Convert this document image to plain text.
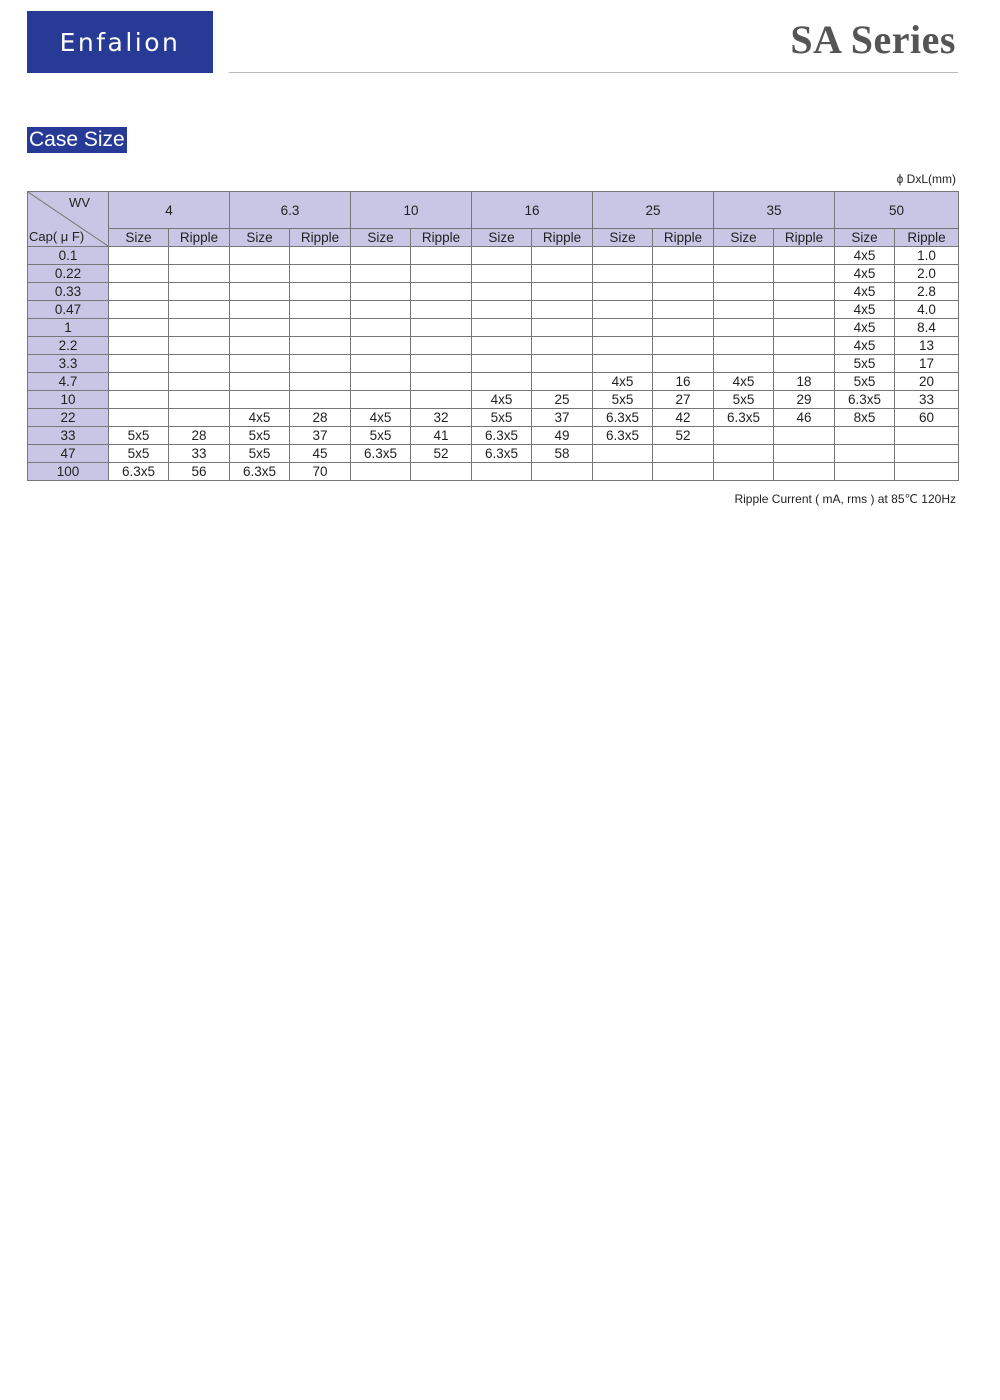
Enfalion	SA Series
Case Size
ϕ DxL(mm)
WV
Cap( μ F)	4		6.3		10		16		25		35		50	
	Size	Ripple	Size	Ripple	Size	Ripple	Size	Ripple	Size	Ripple	Size	Ripple	Size	Ripple
0.1													4x5	1.0
0.22													4x5	2.0
0.33													4x5	2.8
0.47													4x5	4.0
1													4x5	8.4
2.2													4x5	13
3.3													5x5	17
4.7									4x5	16	4x5	18	5x5	20
10							4x5	25	5x5	27	5x5	29	6.3x5	33
22			4x5	28	4x5	32	5x5	37	6.3x5	42	6.3x5	46	8x5	60
33	5x5	28	5x5	37	5x5	41	6.3x5	49	6.3x5	52				
47	5x5	33	5x5	45	6.3x5	52	6.3x5	58						
100	6.3x5	56	6.3x5	70										
Ripple Current ( mA, rms ) at 85℃ 120Hz
